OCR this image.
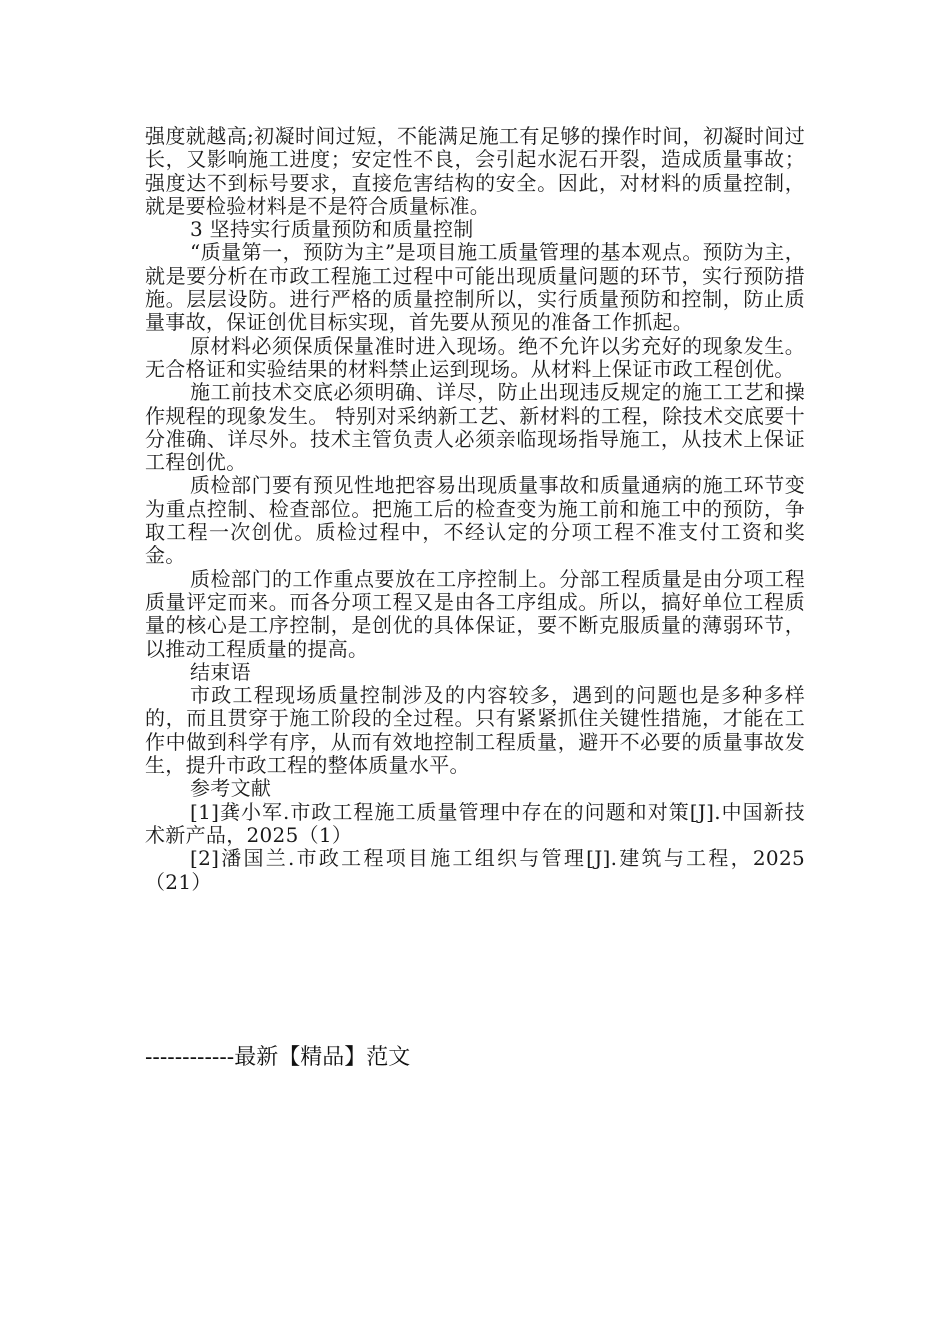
强度就越高;初凝时间过短，不能满足施工有足够的操作时间，初凝时间过长，又影响施工进度；安定性不良，会引起水泥石开裂，造成质量事故；强度达不到标号要求，直接危害结构的安全。因此，对材料的质量控制，就是要检验材料是不是符合质量标准。

3 坚持实行质量预防和质量控制

“质量第一，预防为主”是项目施工质量管理的基本观点。预防为主，就是要分析在市政工程施工过程中可能出现质量问题的环节，实行预防措施。层层设防。进行严格的质量控制所以，实行质量预防和控制，防止质量事故，保证创优目标实现，首先要从预见的准备工作抓起。

原材料必须保质保量准时进入现场。绝不允许以劣充好的现象发生。无合格证和实验结果的材料禁止运到现场。从材料上保证市政工程创优。

施工前技术交底必须明确、详尽，防止出现违反规定的施工工艺和操作规程的现象发生。 特别对采纳新工艺、新材料的工程，除技术交底要十分准确、详尽外。技术主管负责人必须亲临现场指导施工，从技术上保证工程创优。

质检部门要有预见性地把容易出现质量事故和质量通病的施工环节变为重点控制、检查部位。把施工后的检查变为施工前和施工中的预防，争取工程一次创优。质检过程中，不经认定的分项工程不准支付工资和奖金。

质检部门的工作重点要放在工序控制上。分部工程质量是由分项工程质量评定而来。而各分项工程又是由各工序组成。所以，搞好单位工程质量的核心是工序控制，是创优的具体保证，要不断克服质量的薄弱环节，以推动工程质量的提高。

结束语

市政工程现场质量控制涉及的内容较多，遇到的问题也是多种多样的，而且贯穿于施工阶段的全过程。只有紧紧抓住关键性措施，才能在工作中做到科学有序，从而有效地控制工程质量，避开不必要的质量事故发生，提升市政工程的整体质量水平。

参考文献

[1]龚小军.市政工程施工质量管理中存在的问题和对策[J].中国新技术新产品，2025（1）

[2]潘国兰.市政工程项目施工组织与管理[J].建筑与工程，2025（21）

------------最新【精品】范文
